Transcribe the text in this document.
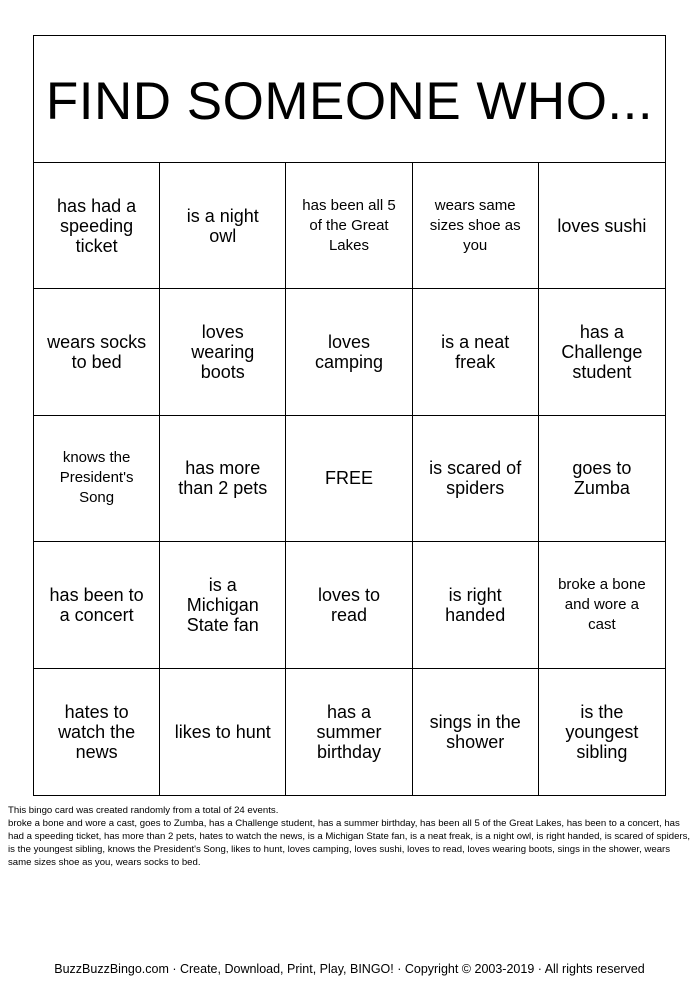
FIND SOMEONE WHO...
has had a speeding ticket
is a night owl
has been all 5 of the Great Lakes
wears same sizes shoe as you
loves sushi
wears socks to bed
loves wearing boots
loves camping
is a neat freak
has a Challenge student
knows the President's Song
has more than 2 pets	FREE	is scared of spiders
goes to Zumba
has been to a concert
is a Michigan State fan
loves to read
is right handed
broke a bone and wore a cast
hates to watch the news
likes to hunt
has a summer birthday
sings in the shower
is the youngest sibling

This bingo card was created randomly from a total of 24 events.

broke a bone and wore a cast, goes to Zumba, has a Challenge student, has a summer birthday, has been all 5 of the Great Lakes, has been to a concert, has had a speeding ticket, has more than 2 pets, hates to watch the news, is a Michigan State fan, is a neat freak, is a night owl, is right handed, is scared of spiders, is the youngest sibling, knows the President's Song, likes to hunt, loves camping, loves sushi, loves to read, loves wearing boots, sings in the shower, wears same sizes shoe as you, wears socks to bed.

BuzzBuzzBingo.com · Create, Download, Print, Play, BINGO! · Copyright © 2003-2019 · All rights reserved
